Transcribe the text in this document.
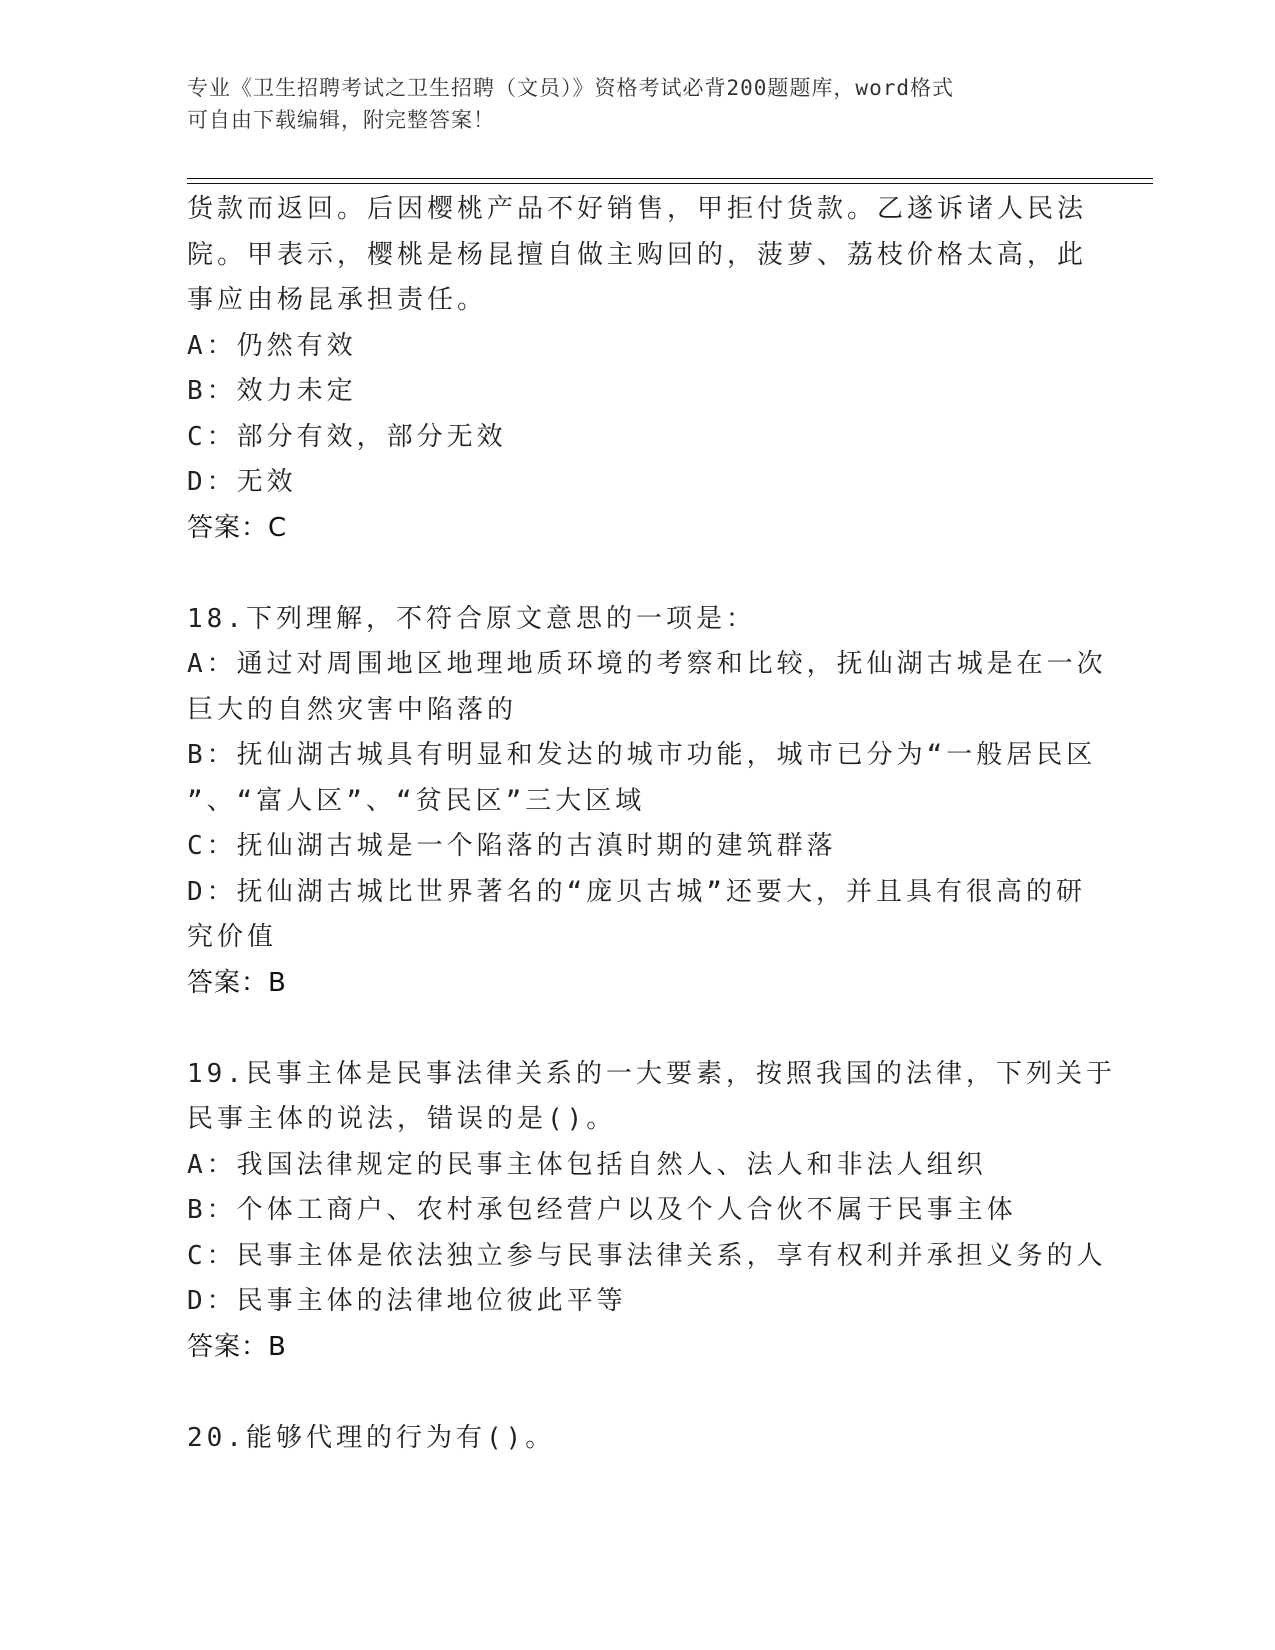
专业《卫生招聘考试之卫生招聘（文员）》资格考试必背200题题库，word格式
可自由下载编辑，附完整答案！
货款而返回。后因樱桃产品不好销售，甲拒付货款。乙遂诉诸人民法
院。甲表示，樱桃是杨昆擅自做主购回的，菠萝、荔枝价格太高，此
事应由杨昆承担责任。
A：仍然有效
B：效力未定
C：部分有效，部分无效
D：无效
答案：C
18.下列理解，不符合原文意思的一项是：
A：通过对周围地区地理地质环境的考察和比较，抚仙湖古城是在一次
巨大的自然灾害中陷落的
B：抚仙湖古城具有明显和发达的城市功能，城市已分为“一般居民区
”、“富人区”、“贫民区”三大区域
C：抚仙湖古城是一个陷落的古滇时期的建筑群落
D：抚仙湖古城比世界著名的“庞贝古城”还要大，并且具有很高的研
究价值
答案：B
19.民事主体是民事法律关系的一大要素，按照我国的法律，下列关于
民事主体的说法，错误的是()。
A：我国法律规定的民事主体包括自然人、法人和非法人组织
B：个体工商户、农村承包经营户以及个人合伙不属于民事主体
C：民事主体是依法独立参与民事法律关系，享有权利并承担义务的人
D：民事主体的法律地位彼此平等
答案：B
20.能够代理的行为有()。
